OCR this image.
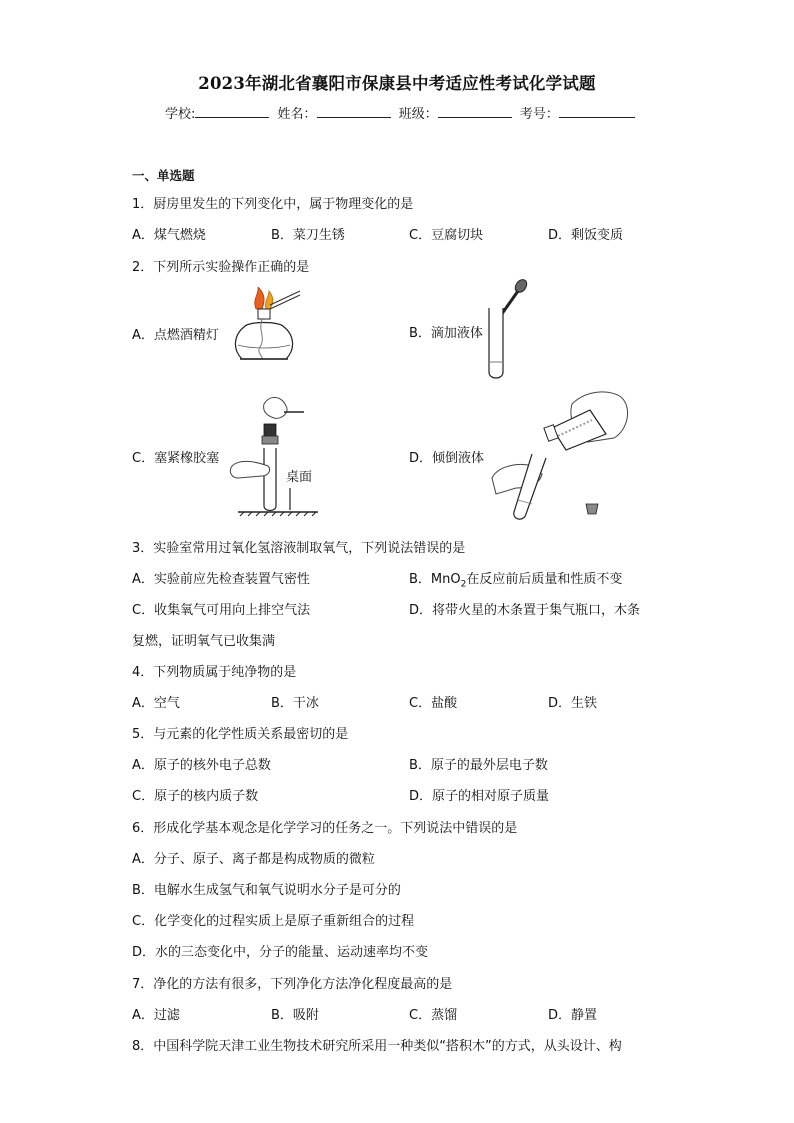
2023年湖北省襄阳市保康县中考适应性考试化学试题
学校:	姓名：	班级：	考号：
一、单选题
1．厨房里发生的下列变化中，属于物理变化的是
A．煤气燃烧	B．菜刀生锈	C．豆腐切块	D．剩饭变质
2．下列所示实验操作正确的是
A．点燃酒精灯	B．滴加液体
C．塞紧橡胶塞	D．倾倒液体
桌面
3．实验室常用过氧化氢溶液制取氧气，下列说法错误的是
A．实验前应先检查装置气密性	B．MnO$_2$在反应前后质量和性质不变
C．收集氧气可用向上排空气法	D．将带火星的木条置于集气瓶口，木条
复燃，证明氧气已收集满
4．下列物质属于纯净物的是
A．空气	B．干冰	C．盐酸	D．生铁
5．与元素的化学性质关系最密切的是
A．原子的核外电子总数	B．原子的最外层电子数
C．原子的核内质子数	D．原子的相对原子质量
6．形成化学基本观念是化学学习的任务之一。下列说法中错误的是
A．分子、原子、离子都是构成物质的微粒
B．电解水生成氢气和氧气说明水分子是可分的
C．化学变化的过程实质上是原子重新组合的过程
D．水的三态变化中，分子的能量、运动速率均不变
7．净化的方法有很多，下列净化方法净化程度最高的是
A．过滤	B．吸附	C．蒸馏	D．静置
8．中国科学院天津工业生物技术研究所采用一种类似“搭积木”的方式，从头设计、构
